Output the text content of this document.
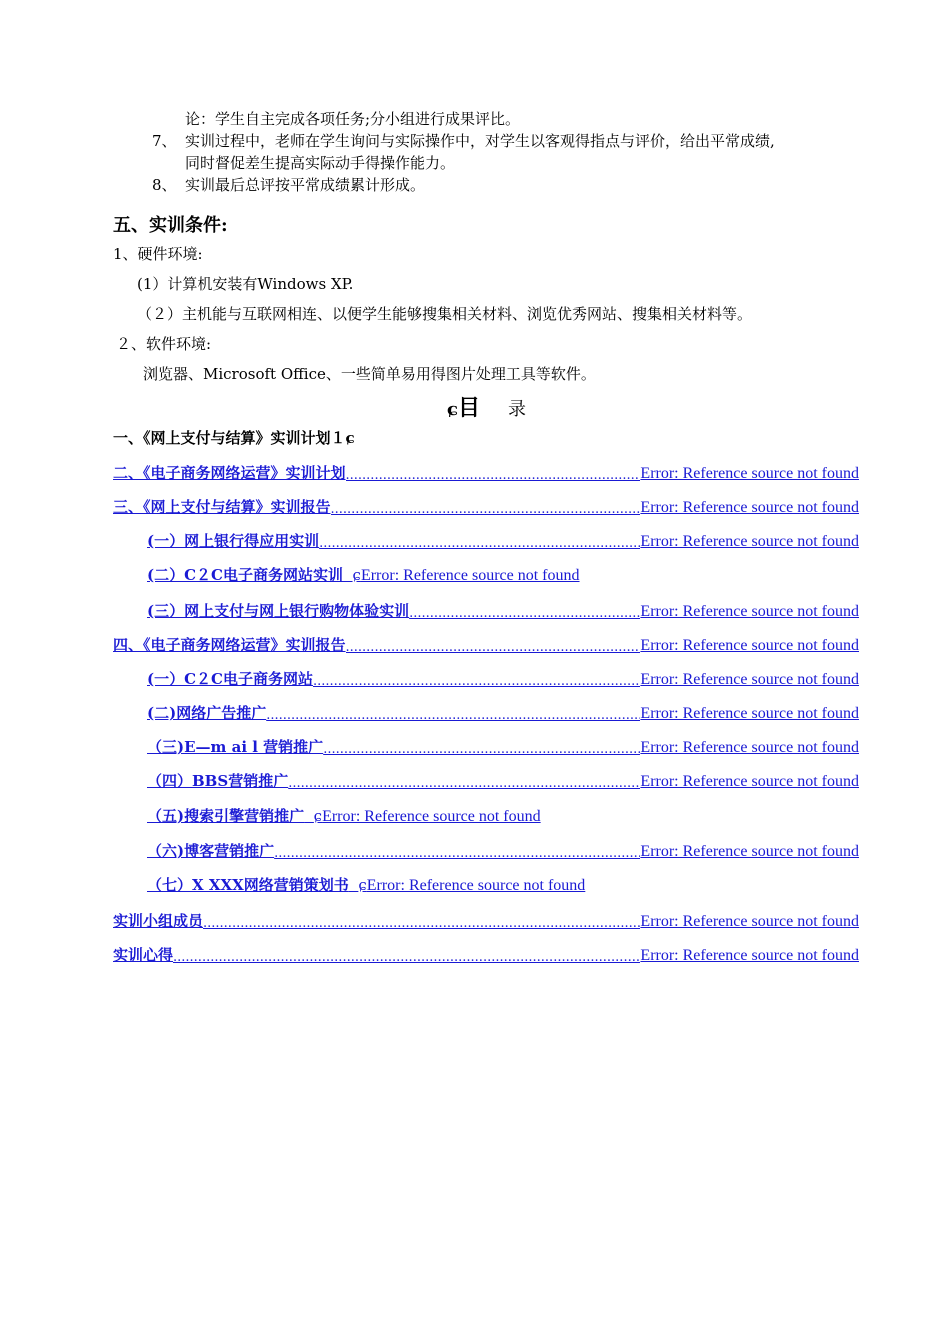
论：学生自主完成各项任务;分小组进行成果评比。
7、 实训过程中，老师在学生询问与实际操作中，对学生以客观得指点与评价，给出平常成绩,
同时督促差生提高实际动手得操作能力。
8、 实训最后总评按平常成绩累计形成。
五、实训条件:
1、硬件环境:
(1）计算机安装有Windows XP.
（２）主机能与互联网相连、以便学生能够搜集相关材料、浏览优秀网站、搜集相关材料等。
２、软件环境:
浏览器、Microsoft Office、一些简单易用得图片处理工具等软件。
ɕ目 录
一、《网上支付与结算》实训计划１ɕ
二、《电子商务网络运营》实训计划 .....	Error: Reference source not found
三、《网上支付与结算》实训报告 .....	Error: Reference source not found
(一）网上银行得应用实训 .....	Error: Reference source not found
(二）C２C电子商务网站实训 ɕError: Reference source not found
(三）网上支付与网上银行购物体验实训 .....	Error: Reference source not found
四、《电子商务网络运营》实训报告 .....	Error: Reference source not found
(一）C２C电子商务网站 .....	Error: Reference source not found
(二)网络广告推广 .....	Error: Reference source not found
（三)E—m ai l 营销推广 .....	Error: Reference source not found
（四）BBS营销推广 .....	Error: Reference source not found
（五)搜索引擎营销推广 ɕError: Reference source not found
（六)博客营销推广 .....	Error: Reference source not found
（七）X XXX网络营销策划书 ɕError: Reference source not found
实训小组成员 .....	Error: Reference source not found
实训心得 .....	Error: Reference source not found
